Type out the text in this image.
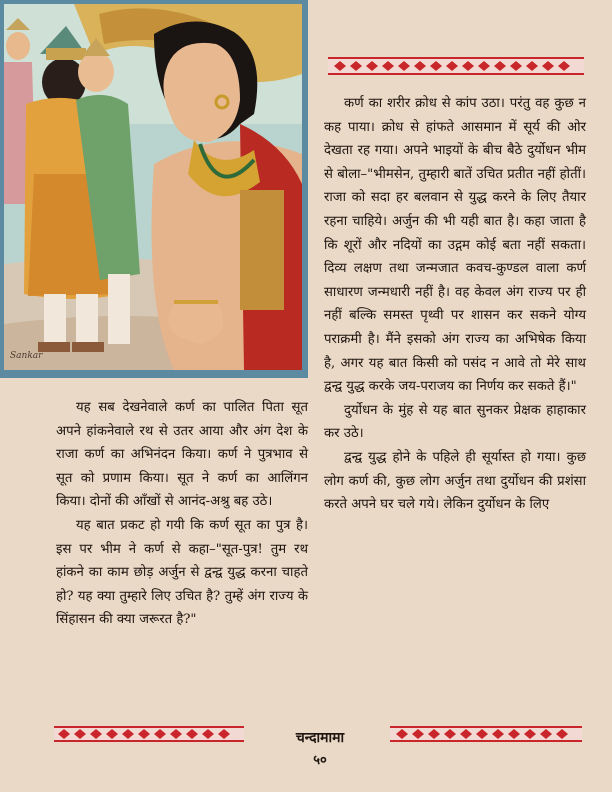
Sankar

कर्ण का शरीर क्रोध से कांप उठा। परंतु वह कुछ न कह पाया। क्रोध से हांफते आसमान में सूर्य की ओर देखता रह गया। अपने भाइयों के बीच बैठे दुर्योधन भीम से बोला–"भीमसेन, तुम्हारी बातें उचित प्रतीत नहीं होतीं। राजा को सदा हर बलवान से युद्ध करने के लिए तैयार रहना चाहिये। अर्जुन की भी यही बात है। कहा जाता है कि शूरों और नदियों का उद्गम कोई बता नहीं सकता। दिव्य लक्षण तथा जन्मजात कवच-कुण्डल वाला कर्ण साधारण जन्मधारी नहीं है। वह केवल अंग राज्य पर ही नहीं बल्कि समस्त पृथ्वी पर शासन कर सकने योग्य पराक्रमी है। मैंने इसको अंग राज्य का अभिषेक किया है, अगर यह बात किसी को पसंद न आवे तो मेरे साथ द्वन्द्व युद्ध करके जय-पराजय का निर्णय कर सकते हैं।"

दुर्योधन के मुंह से यह बात सुनकर प्रेक्षक हाहाकार कर उठे।

द्वन्द्व युद्ध होने के पहिले ही सूर्यास्त हो गया। कुछ लोग कर्ण की, कुछ लोग अर्जुन तथा दुर्योधन की प्रशंसा करते अपने घर चले गये। लेकिन दुर्योधन के लिए

यह सब देखनेवाले कर्ण का पालित पिता सूत अपने हांकनेवाले रथ से उतर आया और अंग देश के राजा कर्ण का अभिनंदन किया। कर्ण ने पुत्रभाव से सूत को प्रणाम किया। सूत ने कर्ण का आलिंगन किया। दोनों की आँखों से आनंद-अश्रु बह उठे।

यह बात प्रकट हो गयी कि कर्ण सूत का पुत्र है। इस पर भीम ने कर्ण से कहा–"सूत-पुत्र! तुम रथ हांकने का काम छोड़ अर्जुन से द्वन्द्व युद्ध करना चाहते हो? यह क्या तुम्हारे लिए उचित है? तुम्हें अंग राज्य के सिंहासन की क्या जरूरत है?"

चन्दामामा
५०
